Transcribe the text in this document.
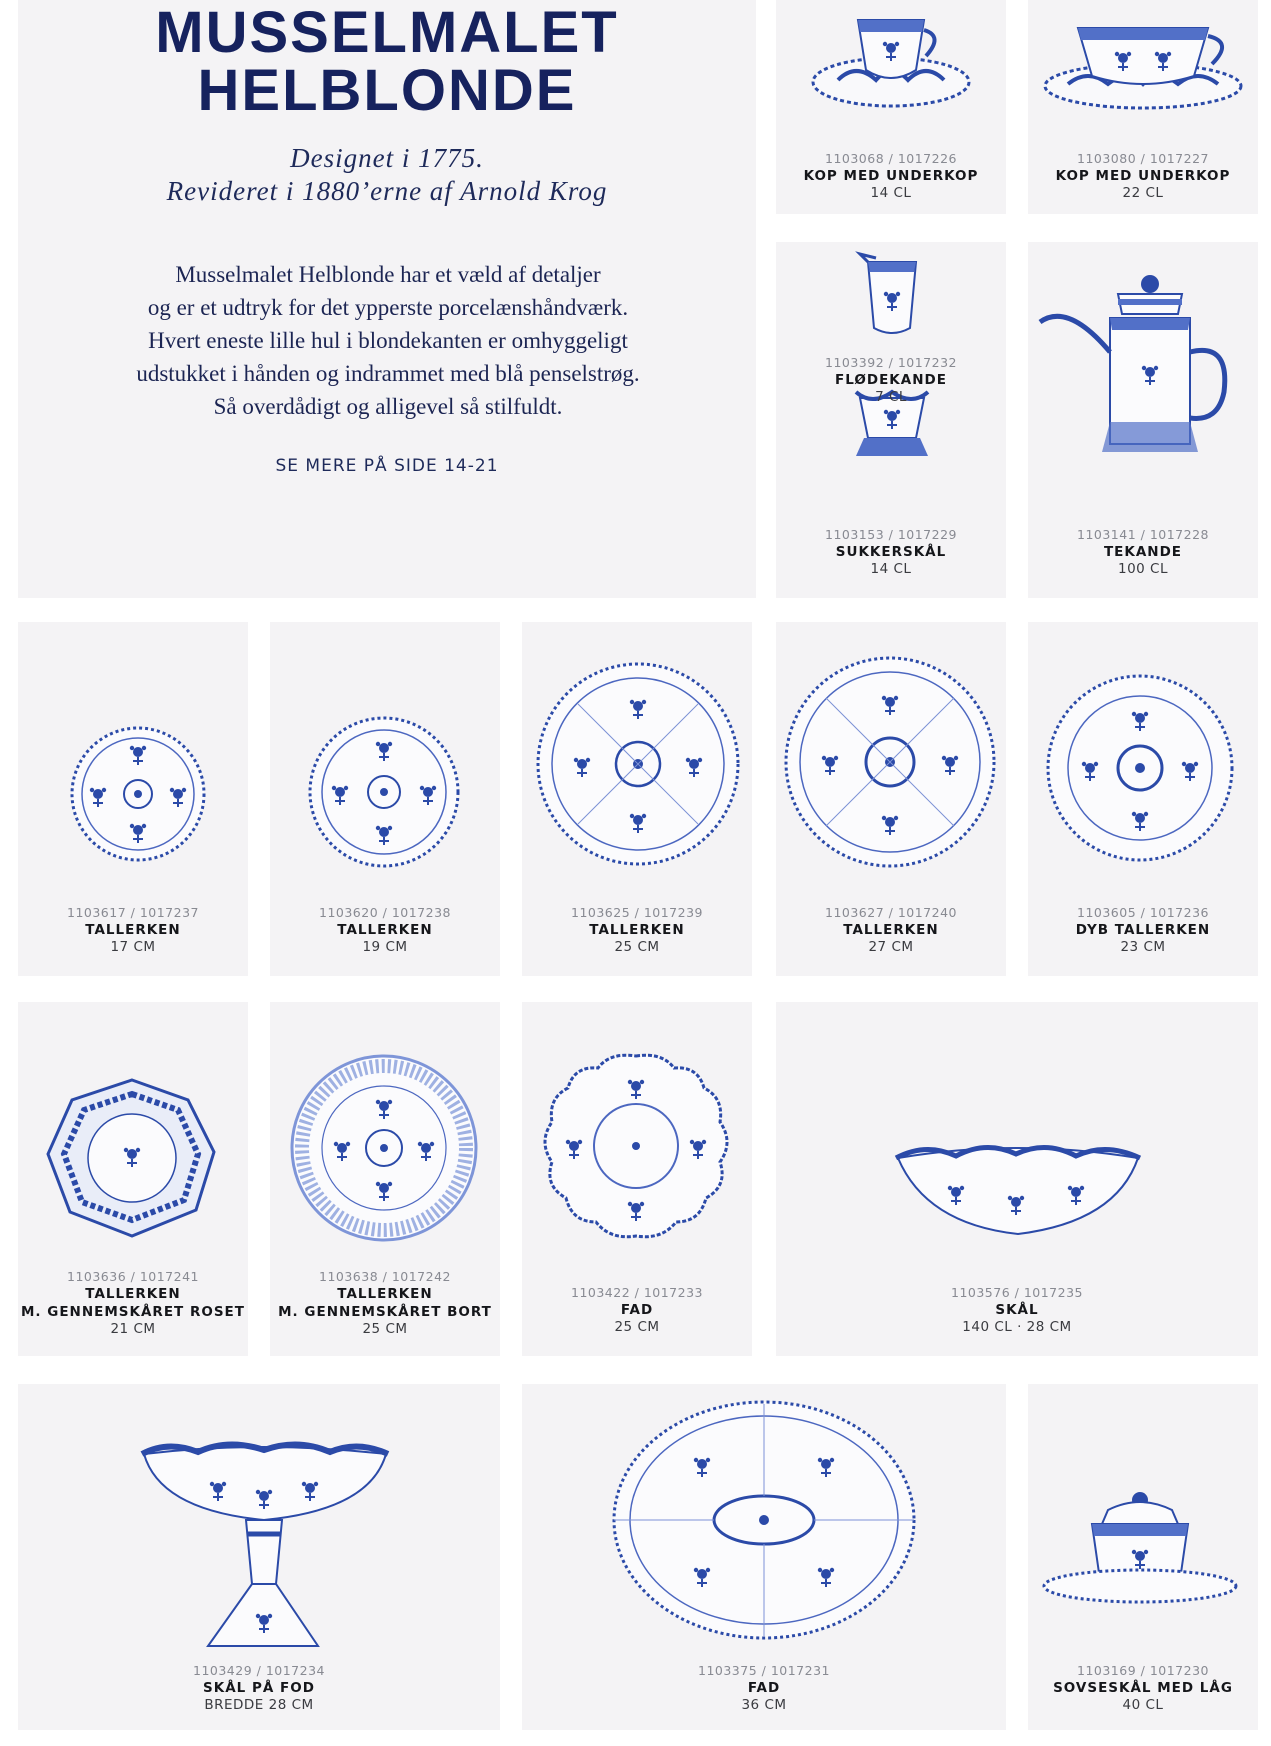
MUSSELMALET
HELBLONDE
Designet i 1775.
Revideret i 1880’erne af Arnold Krog
Musselmalet Helblonde har et væld af detaljer
og er et udtryk for det ypperste porcelænshåndværk.
Hvert eneste lille hul i blondekanten er omhyggeligt
udstukket i hånden og indrammet med blå penselstrøg.
Så overdådigt og alligevel så stilfuldt.
SE MERE PÅ SIDE 14-21
1103068 / 1017226
KOP MED UNDERKOP
14 CL
1103080 / 1017227
KOP MED UNDERKOP
22 CL
1103392 / 1017232
FLØDEKANDE
7 CL
1103153 / 1017229
SUKKERSKÅL
14 CL
1103141 / 1017228
TEKANDE
100 CL
1103617 / 1017237
TALLERKEN
17 CM
1103620 / 1017238
TALLERKEN
19 CM
1103625 / 1017239
TALLERKEN
25 CM
1103627 / 1017240
TALLERKEN
27 CM
1103605 / 1017236
DYB TALLERKEN
23 CM
1103636 / 1017241
TALLERKEN
M. GENNEMSKÅRET ROSET
21 CM
1103638 / 1017242
TALLERKEN
M. GENNEMSKÅRET BORT
25 CM
1103422 / 1017233
FAD
25 CM
1103576 / 1017235
SKÅL
140 CL · 28 CM
1103429 / 1017234
SKÅL PÅ FOD
BREDDE 28 CM
1103375 / 1017231
FAD
36 CM
1103169 / 1017230
SOVSESKÅL MED LÅG
40 CL
